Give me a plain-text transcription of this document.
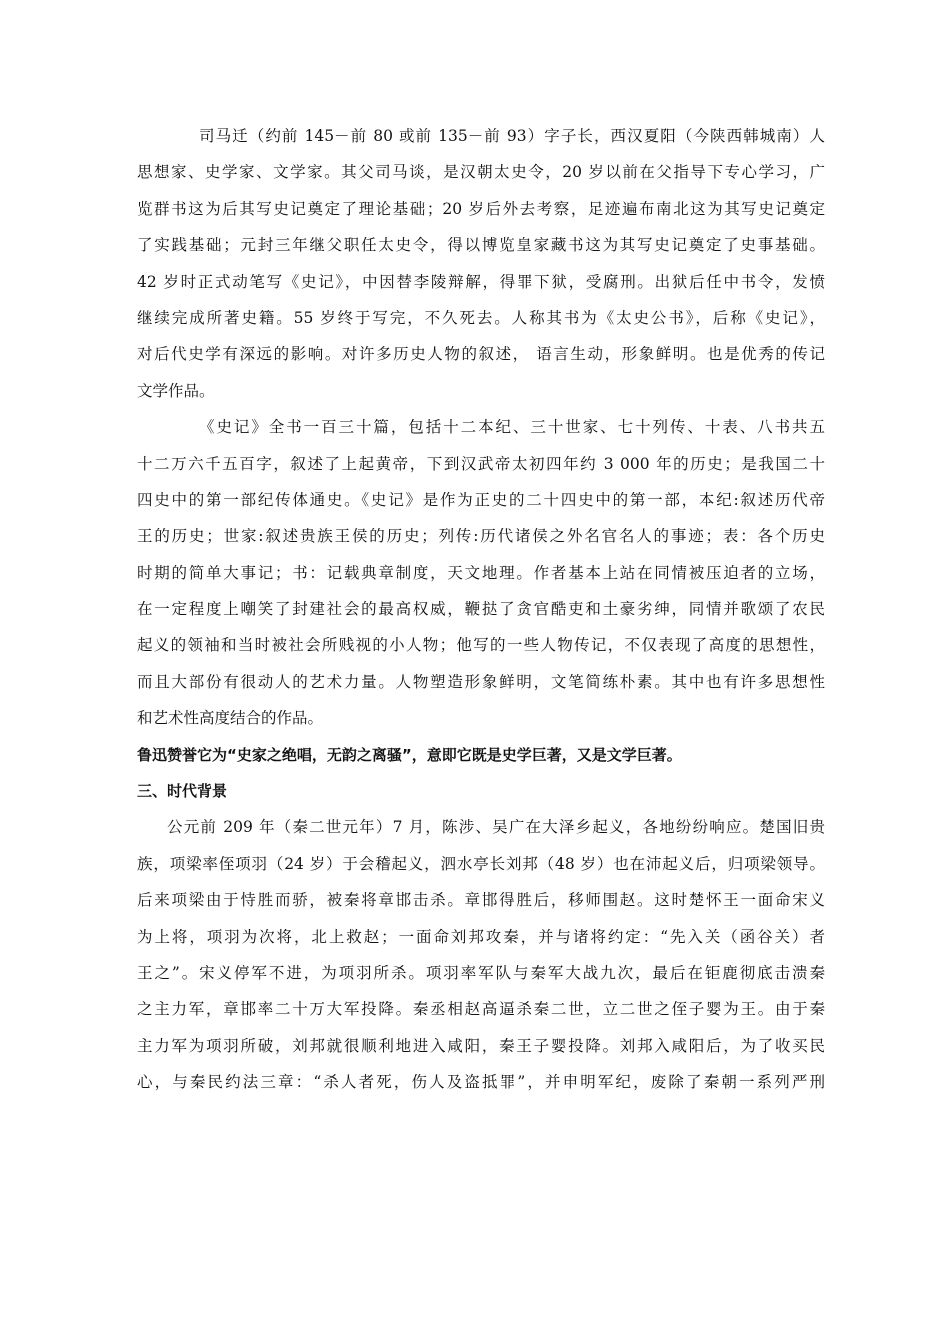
司马迁（约前 145－前 80 或前 135－前 93）字子长，西汉夏阳（今陕西韩城南）人
思想家、史学家、文学家。其父司马谈，是汉朝太史令，20 岁以前在父指导下专心学习，广
览群书这为后其写史记奠定了理论基础；20 岁后外去考察，足迹遍布南北这为其写史记奠定
了实践基础；元封三年继父职任太史令，得以博览皇家藏书这为其写史记奠定了史事基础。
42 岁时正式动笔写《史记》，中因替李陵辩解，得罪下狱，受腐刑。出狱后任中书令，发愤
继续完成所著史籍。55 岁终于写完，不久死去。人称其书为《太史公书》，后称《史记》，
对后代史学有深远的影响。对许多历史人物的叙述， 语言生动，形象鲜明。也是优秀的传记
文学作品。
《史记》全书一百三十篇，包括十二本纪、三十世家、七十列传、十表、八书共五
十二万六千五百字，叙述了上起黄帝，下到汉武帝太初四年约 3 000 年的历史；是我国二十
四史中的第一部纪传体通史。《史记》是作为正史的二十四史中的第一部，本纪:叙述历代帝
王的历史；世家:叙述贵族王侯的历史；列传:历代诸侯之外名官名人的事迹；表：各个历史
时期的简单大事记；书：记载典章制度，天文地理。作者基本上站在同情被压迫者的立场，
在一定程度上嘲笑了封建社会的最高权威，鞭挞了贪官酷吏和土豪劣绅，同情并歌颂了农民
起义的领袖和当时被社会所贱视的小人物；他写的一些人物传记，不仅表现了高度的思想性，
而且大部份有很动人的艺术力量。人物塑造形象鲜明，文笔简练朴素。其中也有许多思想性
和艺术性高度结合的作品。
鲁迅赞誉它为“史家之绝唱，无韵之离骚”，意即它既是史学巨著，又是文学巨著。
三、时代背景
公元前 209 年（秦二世元年）7 月，陈涉、吴广在大泽乡起义，各地纷纷响应。楚国旧贵
族，项梁率侄项羽（24 岁）于会稽起义，泗水亭长刘邦（48 岁）也在沛起义后，归项梁领导。
后来项梁由于恃胜而骄，被秦将章邯击杀。章邯得胜后，移师围赵。这时楚怀王一面命宋义
为上将，项羽为次将，北上救赵；一面命刘邦攻秦，并与诸将约定：“先入关（函谷关）者
王之”。宋义停军不进，为项羽所杀。项羽率军队与秦军大战九次，最后在钜鹿彻底击溃秦
之主力军，章邯率二十万大军投降。秦丞相赵高逼杀秦二世，立二世之侄子婴为王。由于秦
主力军为项羽所破，刘邦就很顺利地进入咸阳，秦王子婴投降。刘邦入咸阳后，为了收买民
心，与秦民约法三章：“杀人者死，伤人及盗抵罪”，并申明军纪，废除了秦朝一系列严刑
